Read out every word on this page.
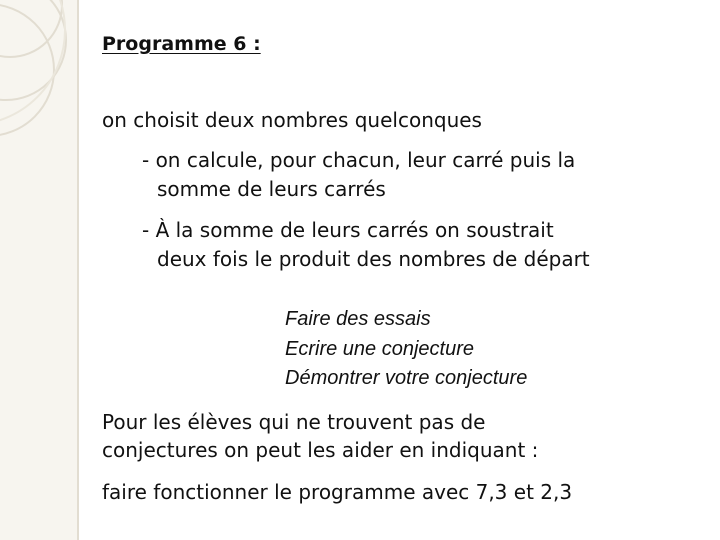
Programme 6 :
on choisit deux nombres quelconques
- on calcule, pour chacun, leur carré puis la
somme de leurs carrés
- À la somme de leurs carrés on soustrait
deux fois le produit des nombres de départ
Faire des essais
Ecrire une conjecture
Démontrer votre conjecture
Pour les élèves qui ne trouvent pas de
conjectures on peut les aider en indiquant :
faire fonctionner le programme avec 7,3 et 2,3
